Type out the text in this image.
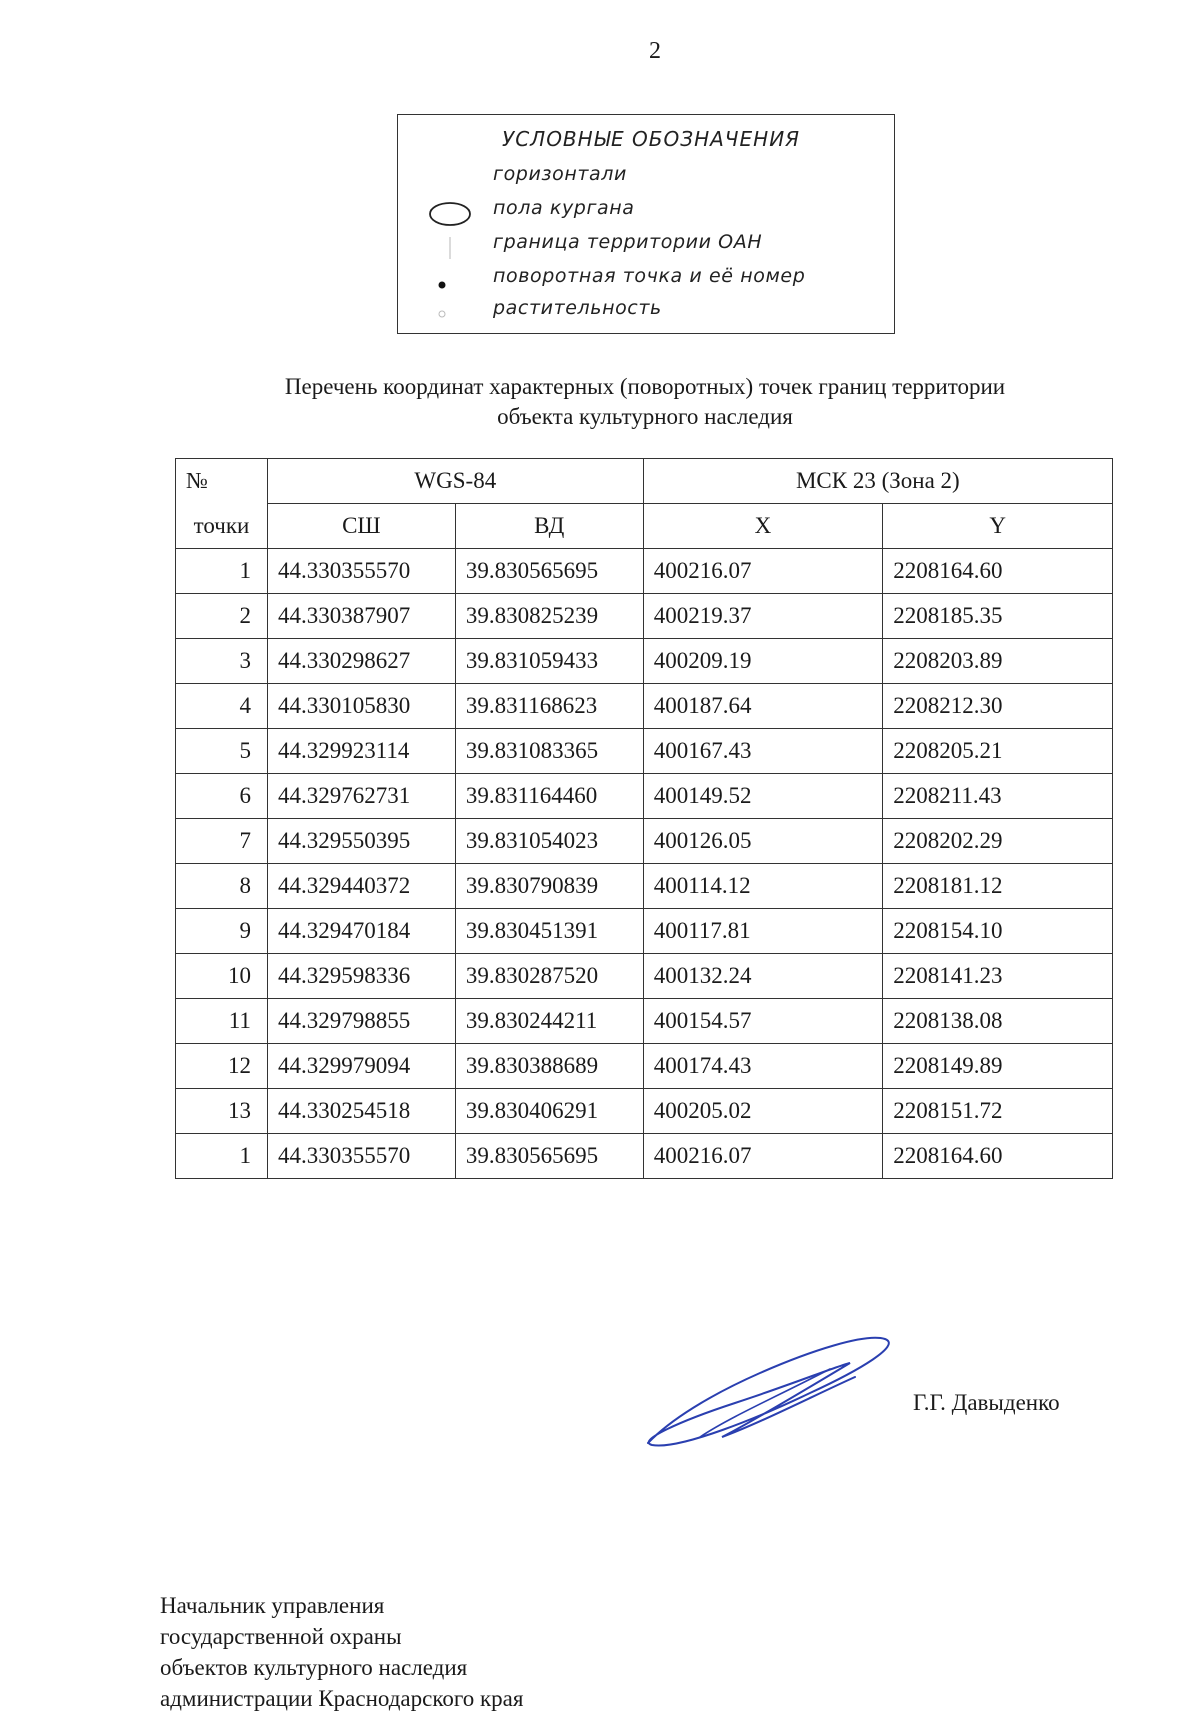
2
УСЛОВНЫЕ ОБОЗНАЧЕНИЯ
горизонтали
пола кургана
граница территории ОАН
поворотная точка и её номер
растительность
Перечень координат характерных (поворотных) точек границ территории
объекта культурного наследия
№	WGS-84		МСК 23 (Зона 2)	
точки	СШ	ВД	X	Y
1	44.330355570	39.830565695	400216.07	2208164.60
2	44.330387907	39.830825239	400219.37	2208185.35
3	44.330298627	39.831059433	400209.19	2208203.89
4	44.330105830	39.831168623	400187.64	2208212.30
5	44.329923114	39.831083365	400167.43	2208205.21
6	44.329762731	39.831164460	400149.52	2208211.43
7	44.329550395	39.831054023	400126.05	2208202.29
8	44.329440372	39.830790839	400114.12	2208181.12
9	44.329470184	39.830451391	400117.81	2208154.10
10	44.329598336	39.830287520	400132.24	2208141.23
11	44.329798855	39.830244211	400154.57	2208138.08
12	44.329979094	39.830388689	400174.43	2208149.89
13	44.330254518	39.830406291	400205.02	2208151.72
1	44.330355570	39.830565695	400216.07	2208164.60
Начальник управления
государственной охраны
объектов культурного наследия
администрации Краснодарского края
Г.Г. Давыденко
